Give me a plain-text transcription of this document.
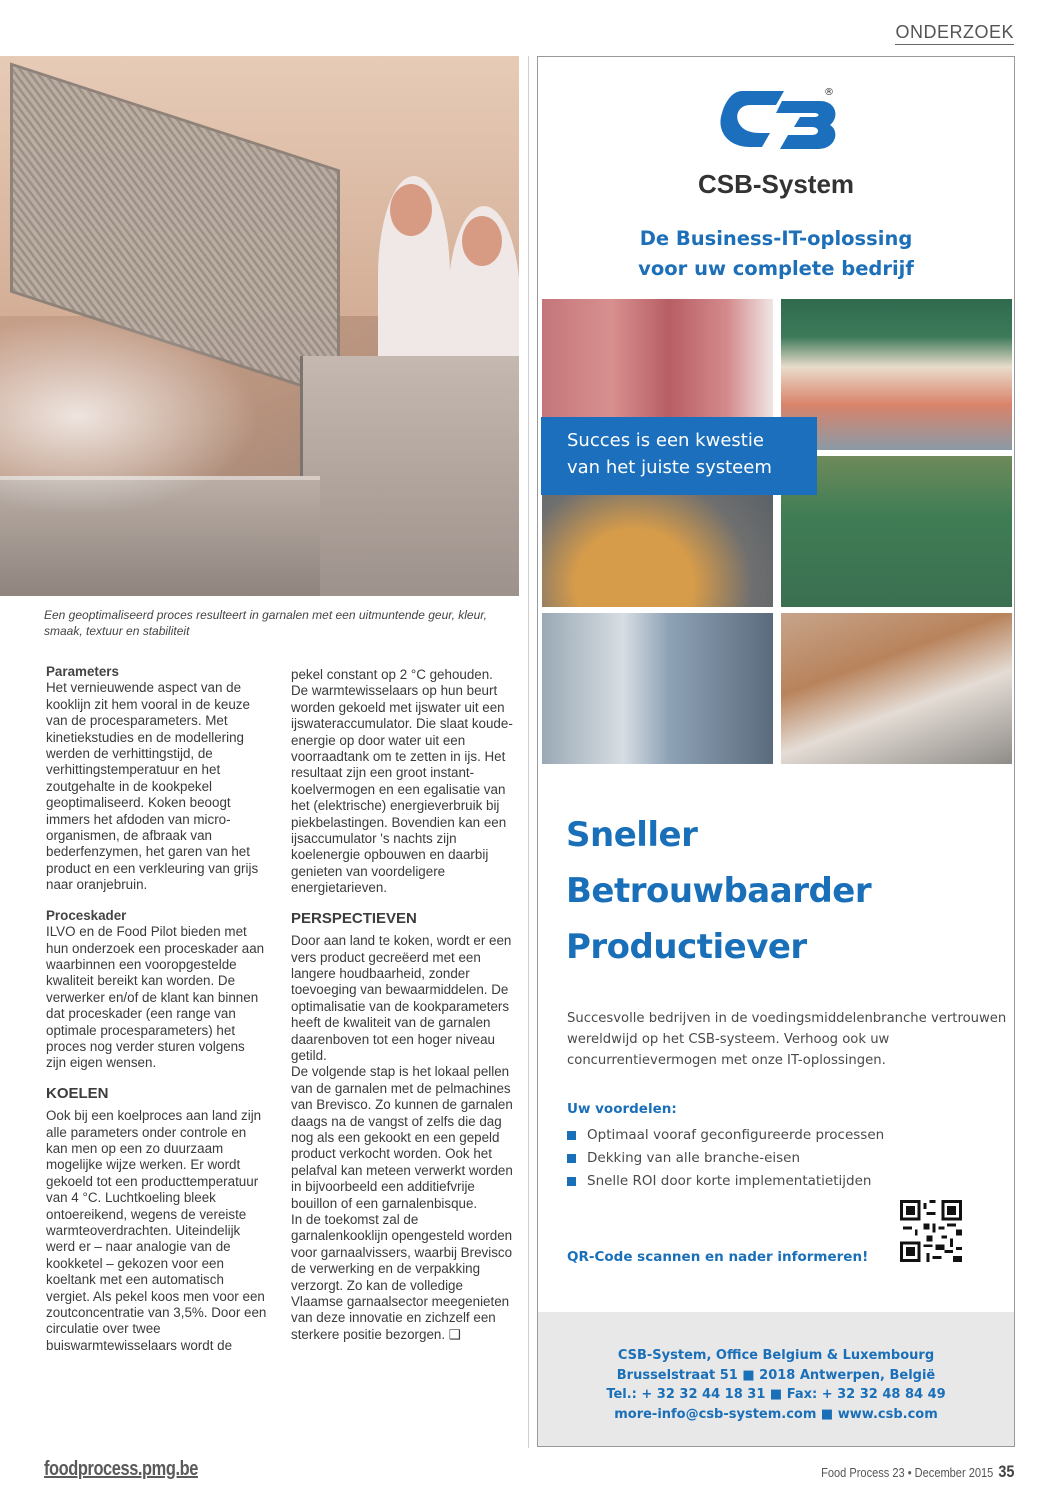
ONDERZOEK
Een geoptimaliseerd proces resulteert in garnalen met een uitmuntende geur, kleur, smaak, textuur en stabiliteit
Parameters

Het vernieuwende aspect van de kooklijn zit hem vooral in de keuze van de procesparameters. Met kinetiekstudies en de modellering werden de verhittingstijd, de verhittingstemperatuur en het zoutgehalte in de kookpekel geoptimaliseerd. Koken beoogt immers het afdoden van micro-organismen, de afbraak van bederfenzymen, het garen van het product en een verkleuring van grijs naar oranjebruin.

Proceskader

ILVO en de Food Pilot bieden met hun onderzoek een proceskader aan waarbinnen een vooropgestelde kwaliteit bereikt kan worden. De verwerker en/of de klant kan binnen dat proceskader (een range van optimale procesparameters) het proces nog verder sturen volgens zijn eigen wensen.

KOELEN

Ook bij een koelproces aan land zijn alle parameters onder controle en kan men op een zo duurzaam mogelijke wijze werken. Er wordt gekoeld tot een producttemperatuur van 4 °C. Luchtkoeling bleek ontoereikend, wegens de vereiste warmteoverdrachten. Uiteindelijk werd er – naar analogie van de kookketel – gekozen voor een koeltank met een automatisch vergiet. Als pekel koos men voor een zoutconcentratie van 3,5%. Door een circulatie over twee buiswarmtewisselaars wordt de

pekel constant op 2 °C gehouden. De warmtewisselaars op hun beurt worden gekoeld met ijswater uit een ijswateraccumulator. Die slaat koude-energie op door water uit een voorraadtank om te zetten in ijs. Het resultaat zijn een groot instant-koelvermogen en een egalisatie van het (elektrische) energieverbruik bij piekbelastingen. Bovendien kan een ijsaccumulator 's nachts zijn koelenergie opbouwen en daarbij genieten van voordeligere energietarieven.

PERSPECTIEVEN

Door aan land te koken, wordt er een vers product gecreëerd met een langere houdbaarheid, zonder toevoeging van bewaarmiddelen. De optimalisatie van de kookparameters heeft de kwaliteit van de garnalen daarenboven tot een hoger niveau getild.

De volgende stap is het lokaal pellen van de garnalen met de pelmachines van Brevisco. Zo kunnen de garnalen daags na de vangst of zelfs die dag nog als een gekookt en een gepeld product verkocht worden. Ook het pelafval kan meteen verwerkt worden in bijvoorbeeld een additiefvrije bouillon of een garnalenbisque.

In de toekomst zal de garnalenkooklijn opengesteld worden voor garnaalvissers, waarbij Brevisco de verwerking en de verpakking verzorgt. Zo kan de volledige Vlaamse garnaalsector meegenieten van deze innovatie en zichzelf een sterkere positie bezorgen. ❑

®
CSB-System
De Business-IT-oplossing
voor uw complete bedrijf
Succes is een kwestie
van het juiste systeem
Sneller
Betrouwbaarder
Productiever
Succesvolle bedrijven in de voedingsmiddelenbranche vertrouwen wereldwijd op het CSB-systeem. Verhoog ook uw concurrentievermogen met onze IT-oplossingen.
Uw voordelen:
Optimaal vooraf geconfigureerde processen
Dekking van alle branche-eisen
Snelle ROI door korte implementatietijden
QR-Code scannen en nader informeren!
CSB-System, Office Belgium & Luxembourg
Brusselstraat 51 ■ 2018 Antwerpen, België
Tel.: + 32 32 44 18 31 ■ Fax: + 32 32 48 84 49
more-info@csb-system.com ■ www.csb.com
foodprocess.pmg.be	Food Process 23 • December 2015 35
